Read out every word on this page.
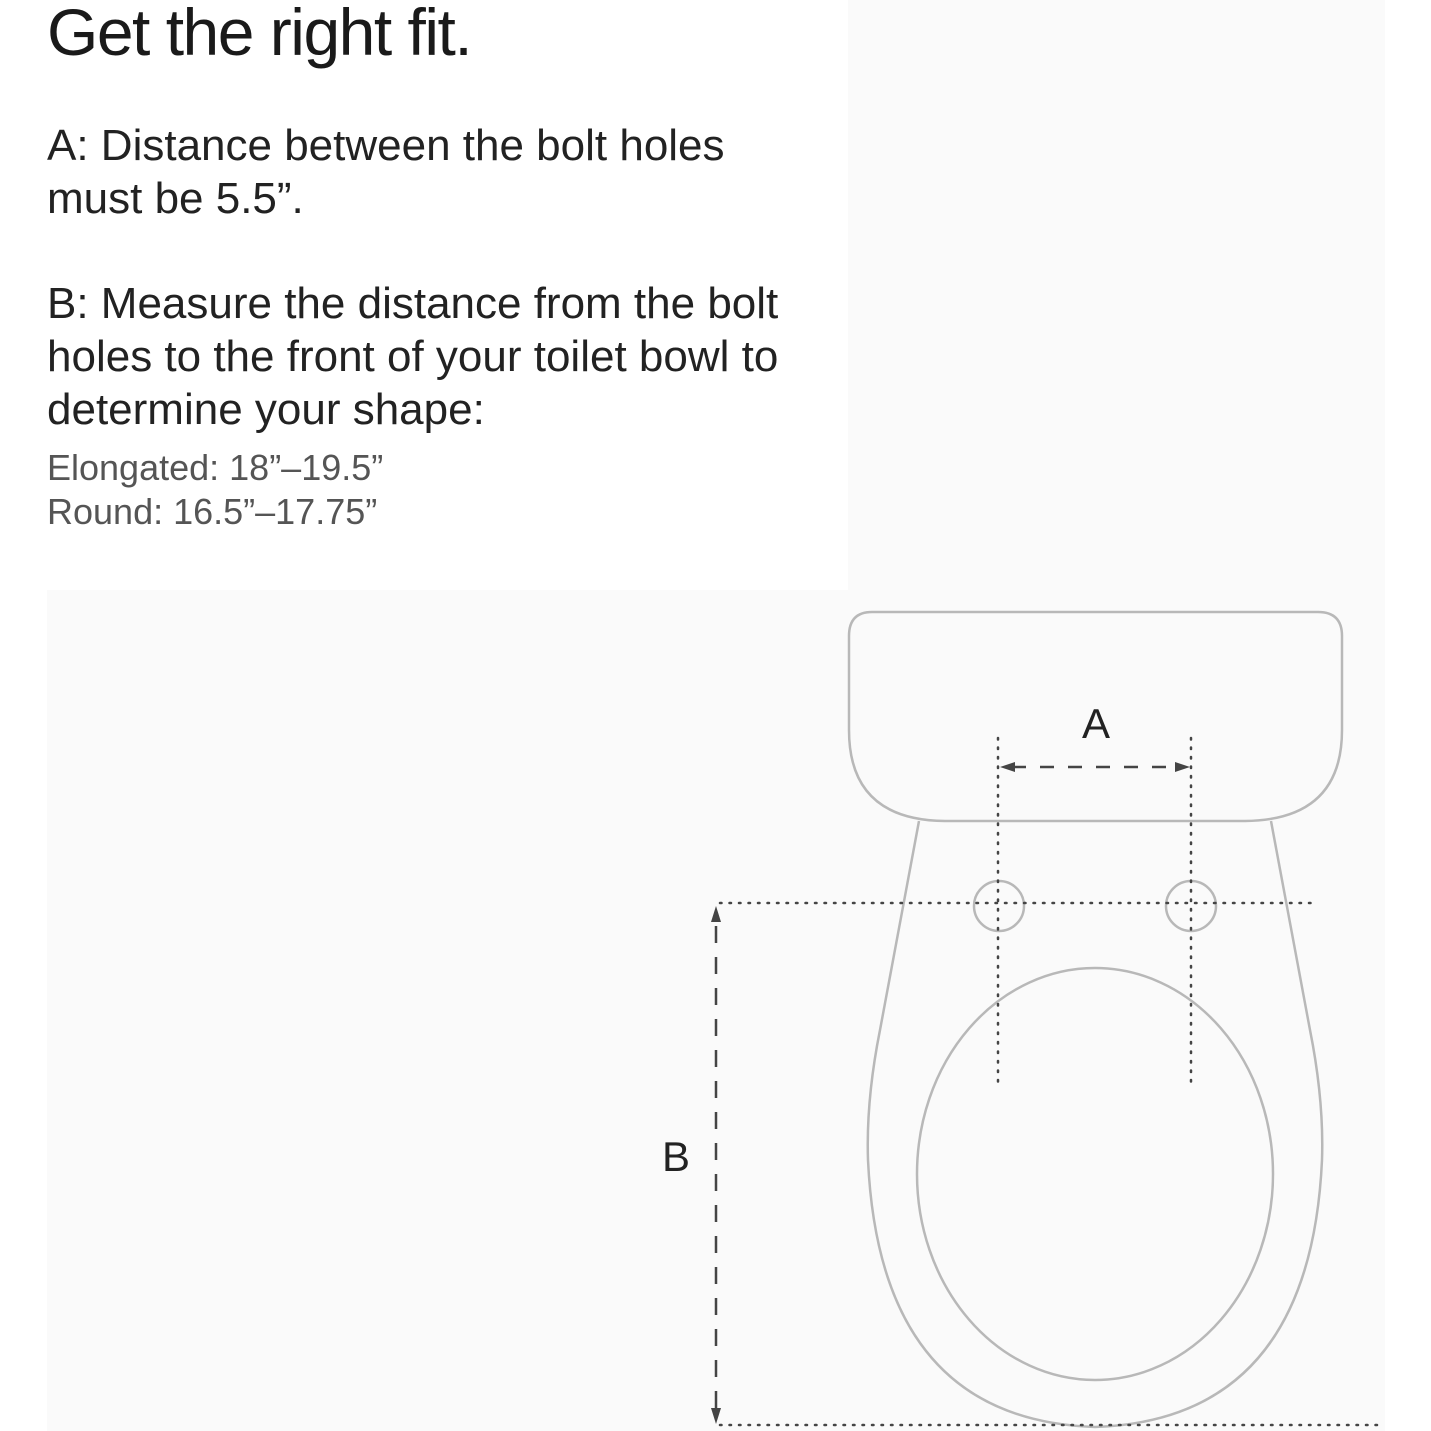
Get the right fit.

A: Distance between the bolt holes must be 5.5”.

B: Measure the distance from the bolt holes to the front of your toilet bowl to determine your shape:

Elongated: 18”–19.5”
Round: 16.5”–17.75”
A
B
